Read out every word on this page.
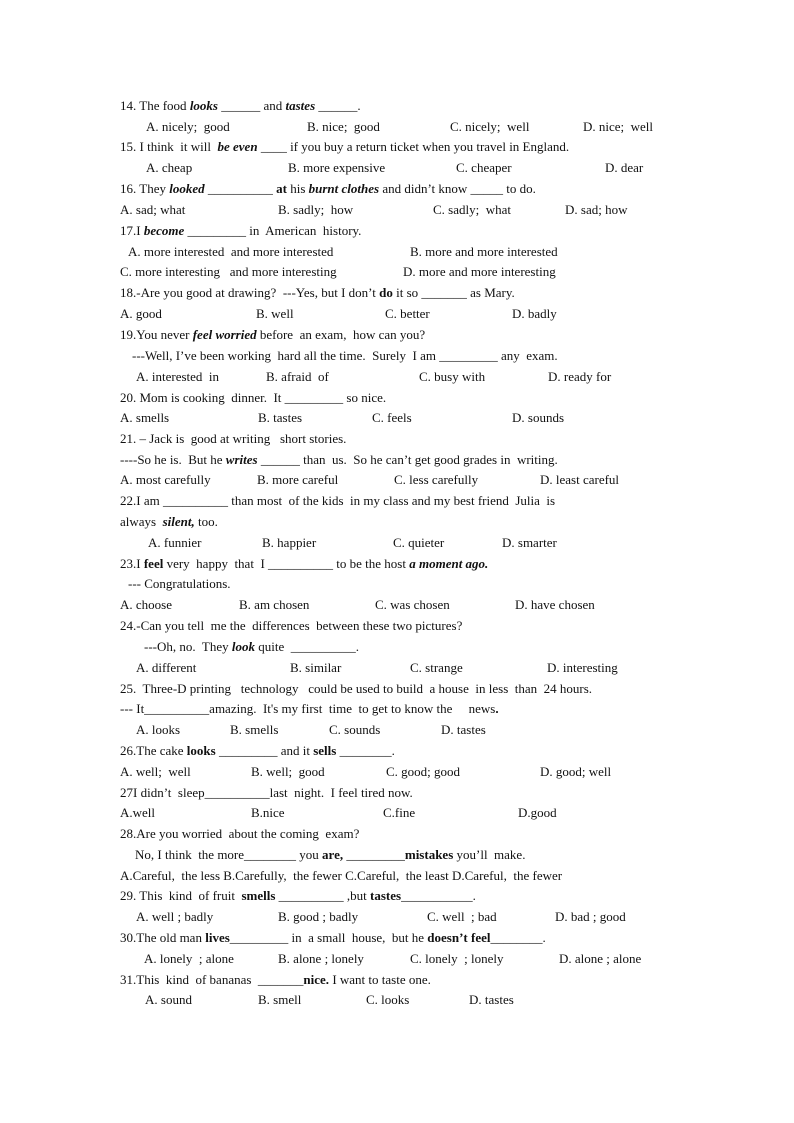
14. The food looks ______ and tastes ______.
A. nicely;  good	B. nice;  good	C. nicely;  well	D. nice;  well
15. I think  it will  be even ____ if you buy a return ticket when you travel in England.
A. cheap	B. more expensive	C. cheaper	D. dear
16. They looked __________ at his burnt clothes and didn’t know _____ to do.
A. sad; what	B. sadly;  how	C. sadly;  what	D. sad; how
17.I become _________ in  American  history.
A. more interested  and more interested	B. more and more interested
C. more interesting   and more interesting	D. more and more interesting
18.-Are you good at drawing?  ---Yes, but I don’t do it so _______ as Mary.
A. good	B. well	C. better	D. badly
19.You never feel worried before  an exam,  how can you?
---Well, I’ve been working  hard all the time.  Surely  I am _________ any  exam.
A. interested  in	B. afraid  of	C. busy with	D. ready for
20. Mom is cooking  dinner.  It _________ so nice.
A. smells	B. tastes	C. feels	D. sounds
21. – Jack is  good at writing   short stories.
----So he is.  But he writes ______ than  us.  So he can’t get good grades in  writing.
A. most carefully	B. more careful	C. less carefully	D. least careful
22.I am __________ than most  of the kids  in my class and my best friend  Julia  is
always  silent, too.
A. funnier	B. happier	C. quieter	D. smarter
23.I feel very  happy  that  I __________ to be the host a moment ago.
--- Congratulations.
A. choose	B. am chosen	C. was chosen	D. have chosen
24.-Can you tell  me the  differences  between these two pictures?
---Oh, no.  They look quite  __________.
A. different	B. similar	C. strange	D. interesting
25.  Three-D printing   technology   could be used to build  a house  in less  than  24 hours.
--- It__________amazing.  It's my first  time  to get to know the     news.
A. looks	B. smells	C. sounds	D. tastes
26.The cake looks _________ and it sells ________.
A. well;  well	B. well;  good	C. good; good	D. good; well
27I didn’t  sleep__________last  night.  I feel tired now.
A.well	B.nice	C.fine	D.good
28.Are you worried  about the coming  exam?
No, I think  the more________ you are, _________mistakes you’ll  make.
A.Careful,  the less B.Carefully,  the fewer C.Careful,  the least D.Careful,  the fewer
29. This  kind  of fruit  smells __________ ,but tastes___________.
A. well ; badly	B. good ; badly	C. well  ; bad	D. bad ; good
30.The old man lives_________ in  a small  house,  but he doesn’t feel________.
A. lonely  ; alone	B. alone ; lonely	C. lonely  ; lonely	D. alone ; alone
31.This  kind  of bananas  _______nice. I want to taste one.
A. sound	B. smell	C. looks	D. tastes
